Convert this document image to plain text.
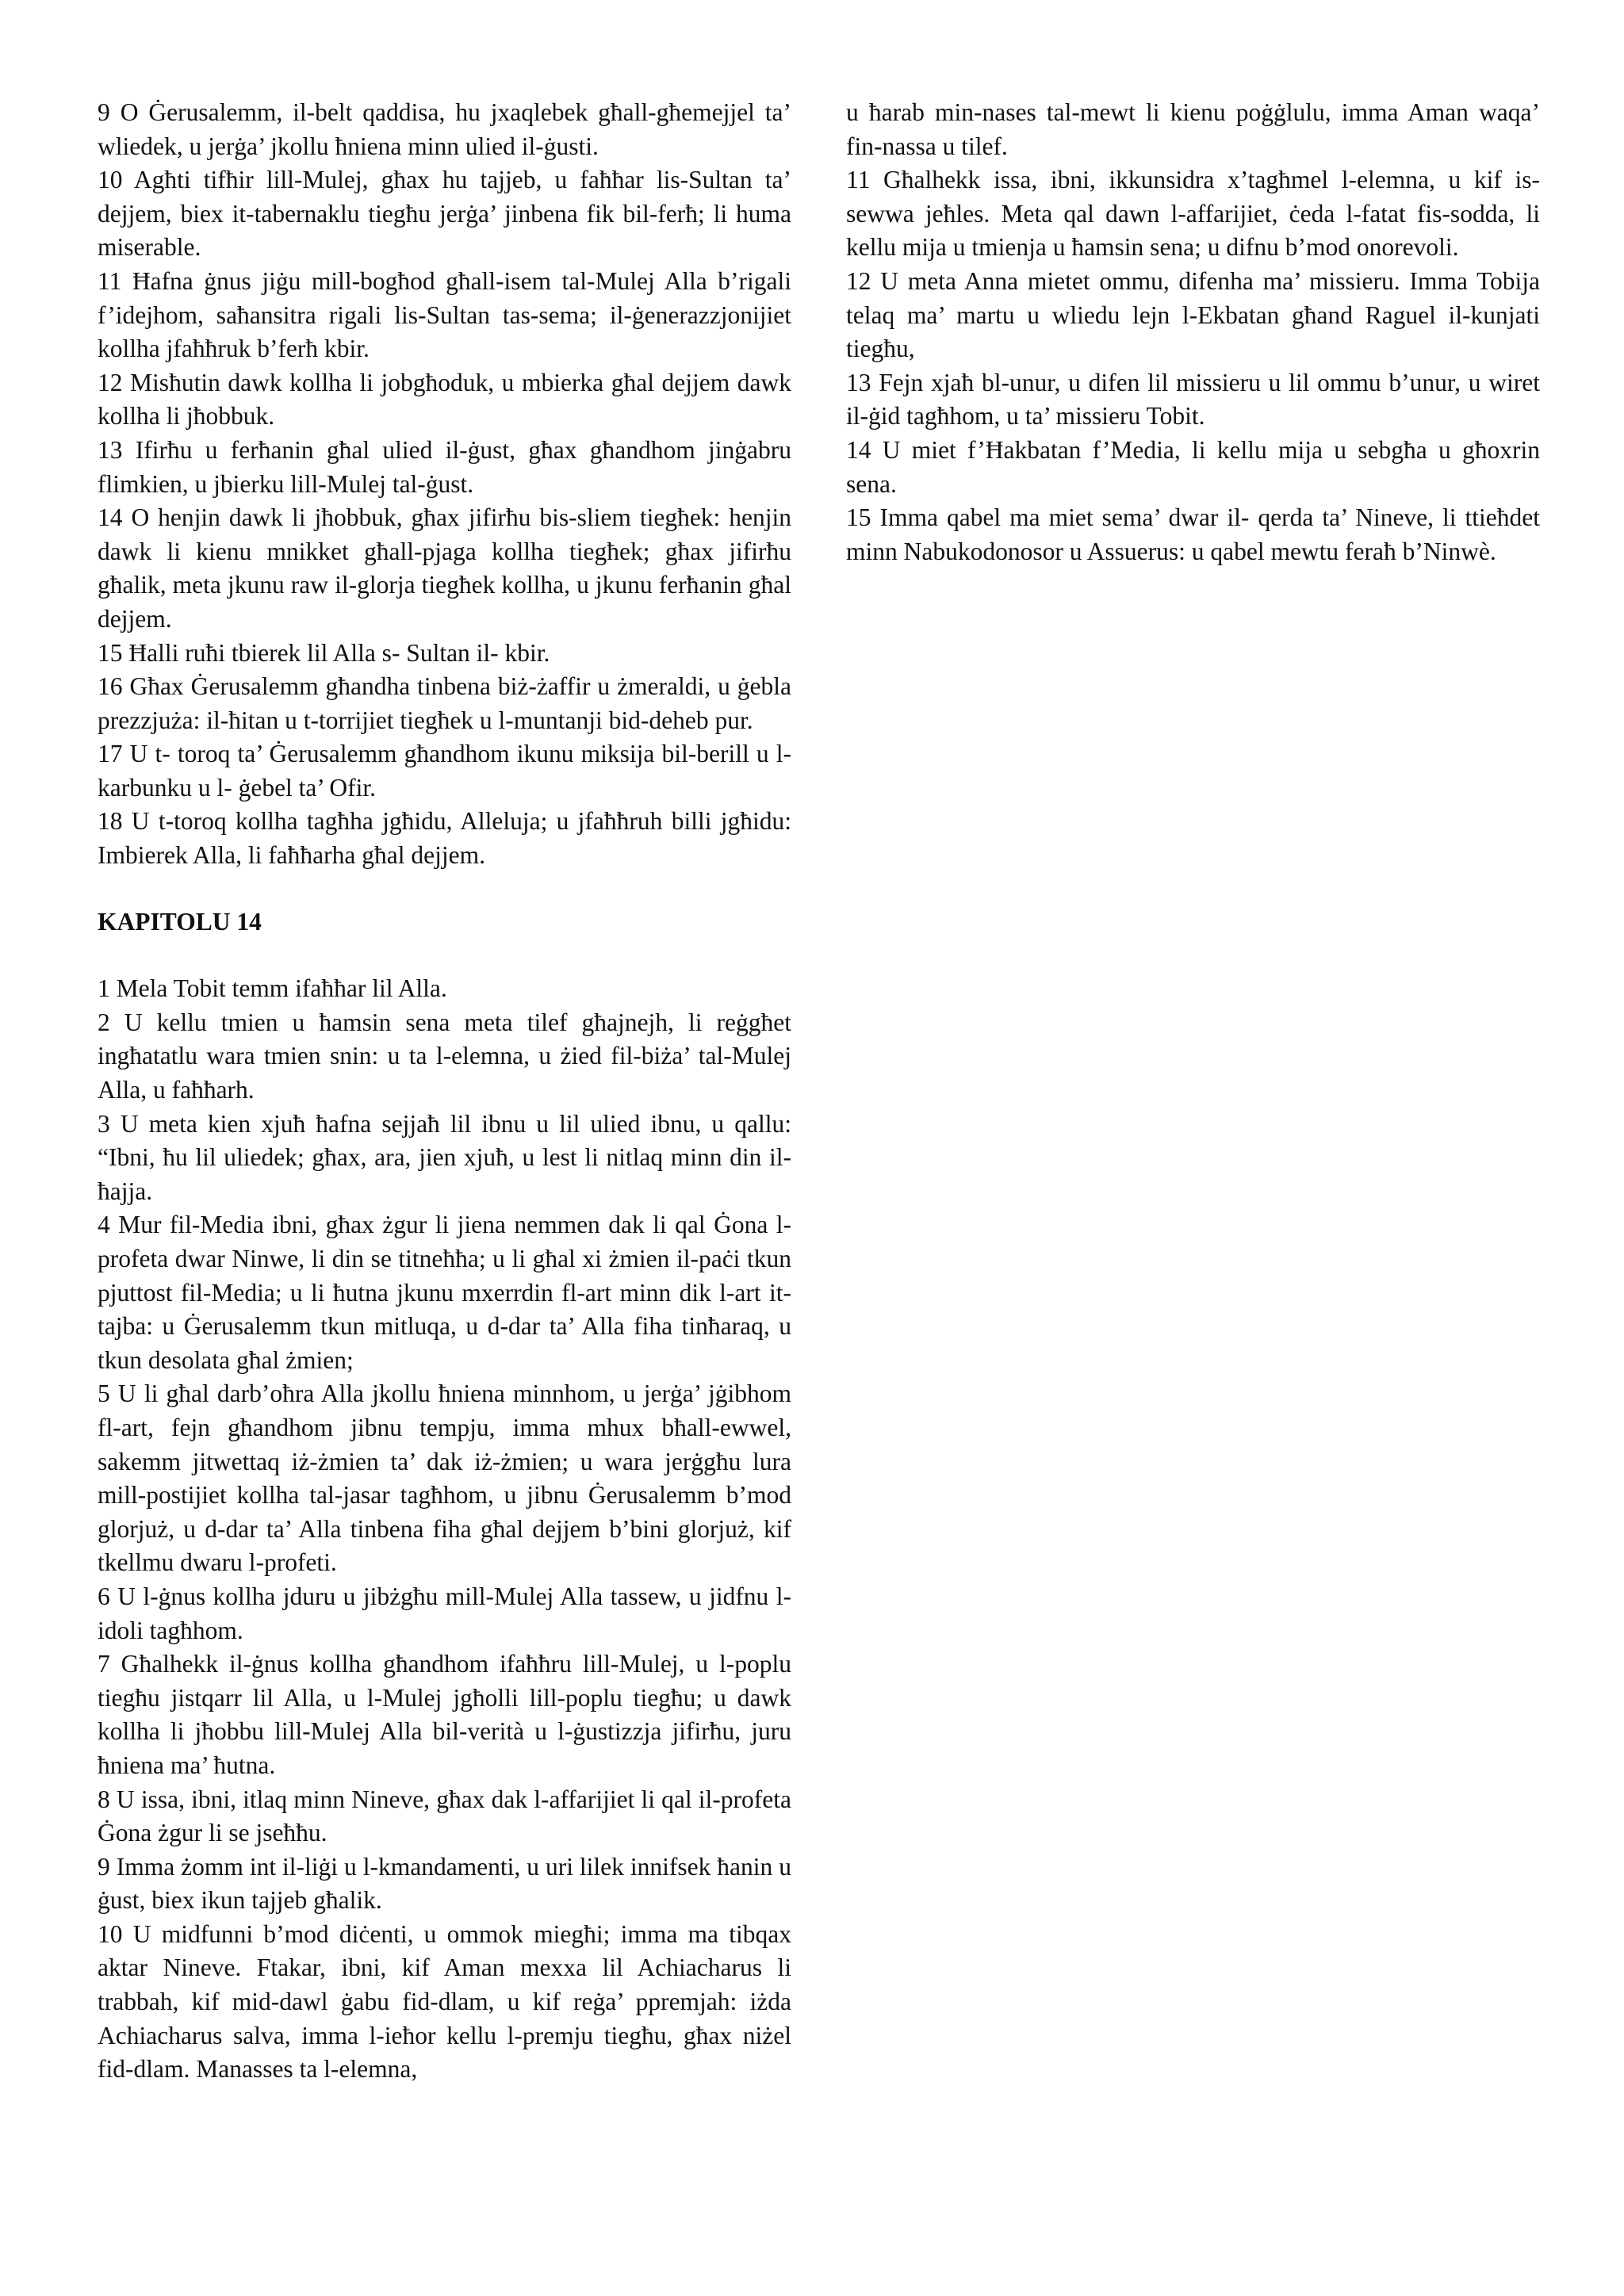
9 O Ġerusalemm, il-belt qaddisa, hu jxaqlebek għall-għemejjel ta’ wliedek, u jerġa’ jkollu ħniena minn ulied il-ġusti.

10 Agħti tifħir lill-Mulej, għax hu tajjeb, u faħħar lis-Sultan ta’ dejjem, biex it-tabernaklu tiegħu jerġa’ jinbena fik bil-ferħ; li huma miserable.

11 Ħafna ġnus jiġu mill-bogħod għall-isem tal-Mulej Alla b’rigali f’idejhom, saħansitra rigali lis-Sultan tas-sema; il-ġenerazzjonijiet kollha jfaħħruk b’ferħ kbir.

12 Misħutin dawk kollha li jobgħoduk, u mbierka għal dejjem dawk kollha li jħobbuk.

13 Ifirħu u ferħanin għal ulied il-ġust, għax għandhom jinġabru flimkien, u jbierku lill-Mulej tal-ġust.

14 O henjin dawk li jħobbuk, għax jifirħu bis-sliem tiegħek: henjin dawk li kienu mnikket għall-pjaga kollha tiegħek; għax jifirħu għalik, meta jkunu raw il-glorja tiegħek kollha, u jkunu ferħanin għal dejjem.

15 Ħalli ruħi tbierek lil Alla s- Sultan il- kbir.

16 Għax Ġerusalemm għandha tinbena biż-żaffir u żmeraldi, u ġebla prezzjuża: il-ħitan u t-torrijiet tiegħek u l-muntanji bid-deheb pur.

17 U t- toroq ta’ Ġerusalemm għandhom ikunu miksija bil-berill u l- karbunku u l- ġebel ta’ Ofir.

18 U t-toroq kollha tagħha jgħidu, Alleluja; u jfaħħruh billi jgħidu: Imbierek Alla, li faħħarha għal dejjem.

KAPITOLU 14

1 Mela Tobit temm ifaħħar lil Alla.

2 U kellu tmien u ħamsin sena meta tilef għajnejh, li reġgħet ingħatatlu wara tmien snin: u ta l-elemna, u żied fil-biża’ tal-Mulej Alla, u faħħarh.

3 U meta kien xjuħ ħafna sejjaħ lil ibnu u lil ulied ibnu, u qallu: “Ibni, ħu lil uliedek; għax, ara, jien xjuħ, u lest li nitlaq minn din il-ħajja.

4 Mur fil-Media ibni, għax żgur li jiena nemmen dak li qal Ġona l-profeta dwar Ninwe, li din se titneħħa; u li għal xi żmien il-paċi tkun pjuttost fil-Media; u li ħutna jkunu mxerrdin fl-art minn dik l-art it-tajba: u Ġerusalemm tkun mitluqa, u d-dar ta’ Alla fiha tinħaraq, u tkun desolata għal żmien;

5 U li għal darb’oħra Alla jkollu ħniena minnhom, u jerġa’ jġibhom fl-art, fejn għandhom jibnu tempju, imma mhux bħall-ewwel, sakemm jitwettaq iż-żmien ta’ dak iż-żmien; u wara jerġgħu lura mill-postijiet kollha tal-jasar tagħhom, u jibnu Ġerusalemm b’mod glorjuż, u d-dar ta’ Alla tinbena fiha għal dejjem b’bini glorjuż, kif tkellmu dwaru l-profeti.

6 U l-ġnus kollha jduru u jibżgħu mill-Mulej Alla tassew, u jidfnu l-idoli tagħhom.

7 Għalhekk il-ġnus kollha għandhom ifaħħru lill-Mulej, u l-poplu tiegħu jistqarr lil Alla, u l-Mulej jgħolli lill-poplu tiegħu; u dawk kollha li jħobbu lill-Mulej Alla bil-verità u l-ġustizzja jifirħu, juru ħniena ma’ ħutna.

8 U issa, ibni, itlaq minn Nineve, għax dak l-affarijiet li qal il-profeta Ġona żgur li se jseħħu.

9 Imma żomm int il-liġi u l-kmandamenti, u uri lilek innifsek ħanin u ġust, biex ikun tajjeb għalik.

10 U midfunni b’mod diċenti, u ommok miegħi; imma ma tibqax aktar Nineve. Ftakar, ibni, kif Aman mexxa lil Achiacharus li trabbah, kif mid-dawl ġabu fid-dlam, u kif reġa’ ppremjah: iżda Achiacharus salva, imma l-ieħor kellu l-premju tiegħu, għax niżel fid-dlam. Manasses ta l-elemna,

u ħarab min-nases tal-mewt li kienu poġġlulu, imma Aman waqa’ fin-nassa u tilef.

11 Għalhekk issa, ibni, ikkunsidra x’tagħmel l-elemna, u kif is-sewwa jeħles. Meta qal dawn l-affarijiet, ċeda l-fatat fis-sodda, li kellu mija u tmienja u ħamsin sena; u difnu b’mod onorevoli.

12 U meta Anna mietet ommu, difenha ma’ missieru. Imma Tobija telaq ma’ martu u wliedu lejn l-Ekbatan għand Raguel il-kunjati tiegħu,

13 Fejn xjaħ bl-unur, u difen lil missieru u lil ommu b’unur, u wiret il-ġid tagħhom, u ta’ missieru Tobit.

14 U miet f’Ħakbatan f’Media, li kellu mija u sebgħa u għoxrin sena.

15 Imma qabel ma miet sema’ dwar il- qerda ta’ Nineve, li ttieħdet minn Nabukodonosor u Assuerus: u qabel mewtu feraħ b’Ninwè.
